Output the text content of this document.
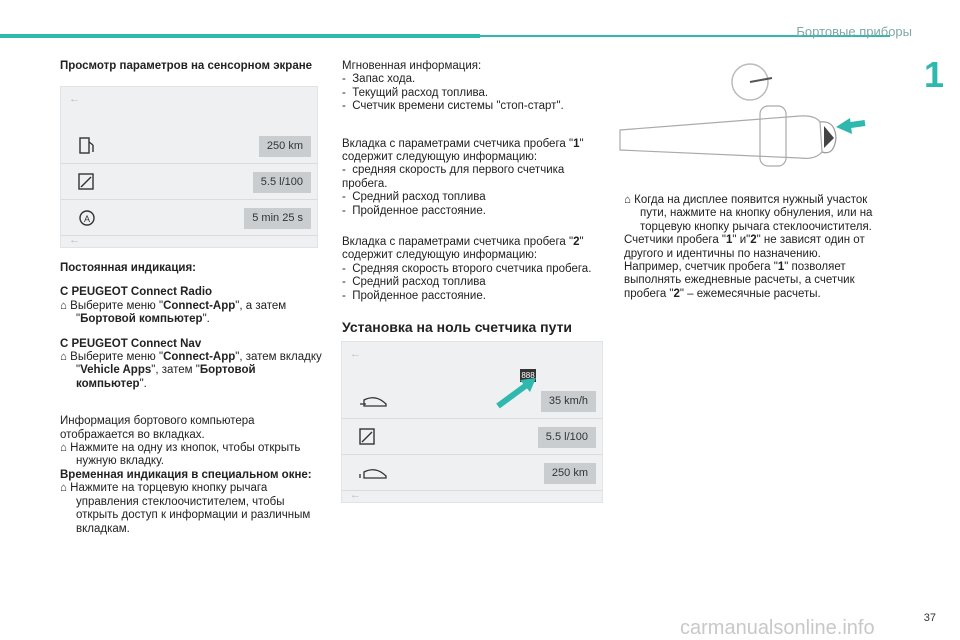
Бортовые приборы
1

Просмотр параметров на сенсорном экране

←
250 km
5.5 l/100
A	5 min 25 s
←

Постоянная индикация:

С PEUGEOT Connect Radio

⌂ Выберите меню "Connect-App", а затем "Бортовой компьютер".

С PEUGEOT Connect Nav

⌂ Выберите меню "Connect-App", затем вкладку "Vehicle Apps", затем "Бортовой компьютер".

Информация бортового компьютера отображается во вкладках.

⌂ Нажмите на одну из кнопок, чтобы открыть нужную вкладку.

Временная индикация в специальном окне:

⌂ Нажмите на торцевую кнопку рычага управления стеклоочистителем, чтобы открыть доступ к информации и различным вкладкам.

Мгновенная информация:

-  Запас хода.

-  Текущий расход топлива.

-  Счетчик времени системы "стоп-старт".

Вкладка с параметрами счетчика пробега "1" содержит следующую информацию:

-  средняя скорость для первого счетчика пробега.

-  Средний расход топлива

-  Пройденное расстояние.

Вкладка с параметрами счетчика пробега "2" содержит следующую информацию:

-  Средняя скорость второго счетчика пробега.

-  Средний расход топлива

-  Пройденное расстояние.

Установка на ноль счетчика пути

←
888
35 km/h
5.5 l/100
250 km
←

⌂ Когда на дисплее появится нужный участок пути, нажмите на кнопку обнуления, или на торцевую кнопку рычага стеклоочистителя.

Счетчики пробега "1" и"2" не зависят один от другого и идентичны по назначению.

Например, счетчик пробега "1" позволяет выполнять ежедневные расчеты, а счетчик пробега "2" – ежемесячные расчеты.

carmanualsonline.info	37
